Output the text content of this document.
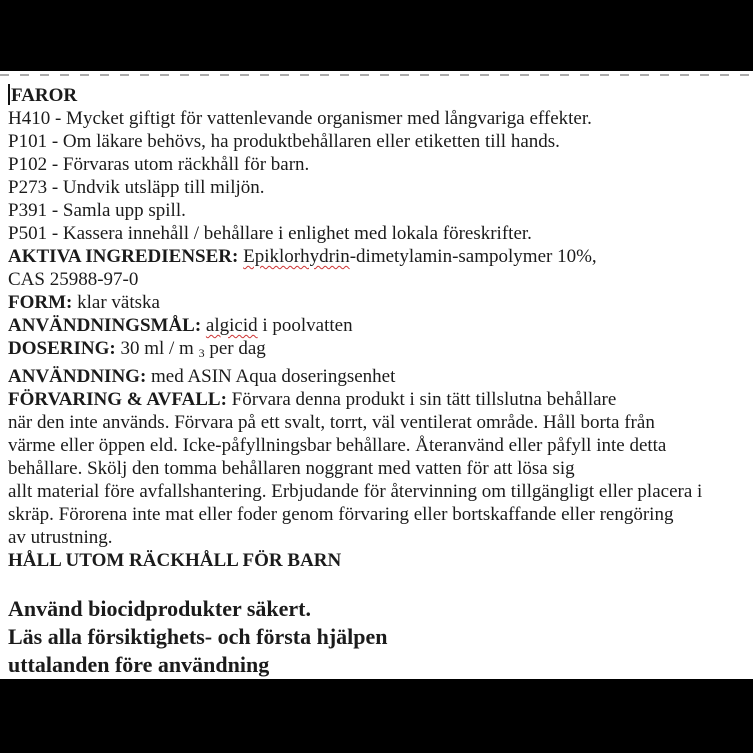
FAROR
H410 - Mycket giftigt för vattenlevande organismer med långvariga effekter.
P101 - Om läkare behövs, ha produktbehållaren eller etiketten till hands.
P102 - Förvaras utom räckhåll för barn.
P273 - Undvik utsläpp till miljön.
P391 - Samla upp spill.
P501 - Kassera innehåll / behållare i enlighet med lokala föreskrifter.
AKTIVA INGREDIENSER: Epiklorhydrin-dimetylamin-sampolymer 10%,
CAS 25988-97-0
FORM: klar vätska
ANVÄNDNINGSMÅL: algicid i poolvatten
DOSERING: 30 ml / m $_3$ per dag
ANVÄNDNING: med ASIN Aqua doseringsenhet
FÖRVARING & AVFALL: Förvara denna produkt i sin tätt tillslutna behållare
när den inte används. Förvara på ett svalt, torrt, väl ventilerat område. Håll borta från
värme eller öppen eld. Icke-påfyllningsbar behållare. Återanvänd eller påfyll inte detta
behållare. Skölj den tomma behållaren noggrant med vatten för att lösa sig
allt material före avfallshantering. Erbjudande för återvinning om tillgängligt eller placera i
skräp. Förorena inte mat eller foder genom förvaring eller bortskaffande eller rengöring
av utrustning.
HÅLL UTOM RÄCKHÅLL FÖR BARN
Använd biocidprodukter säkert.
Läs alla försiktighets- och första hjälpen
uttalanden före användning
